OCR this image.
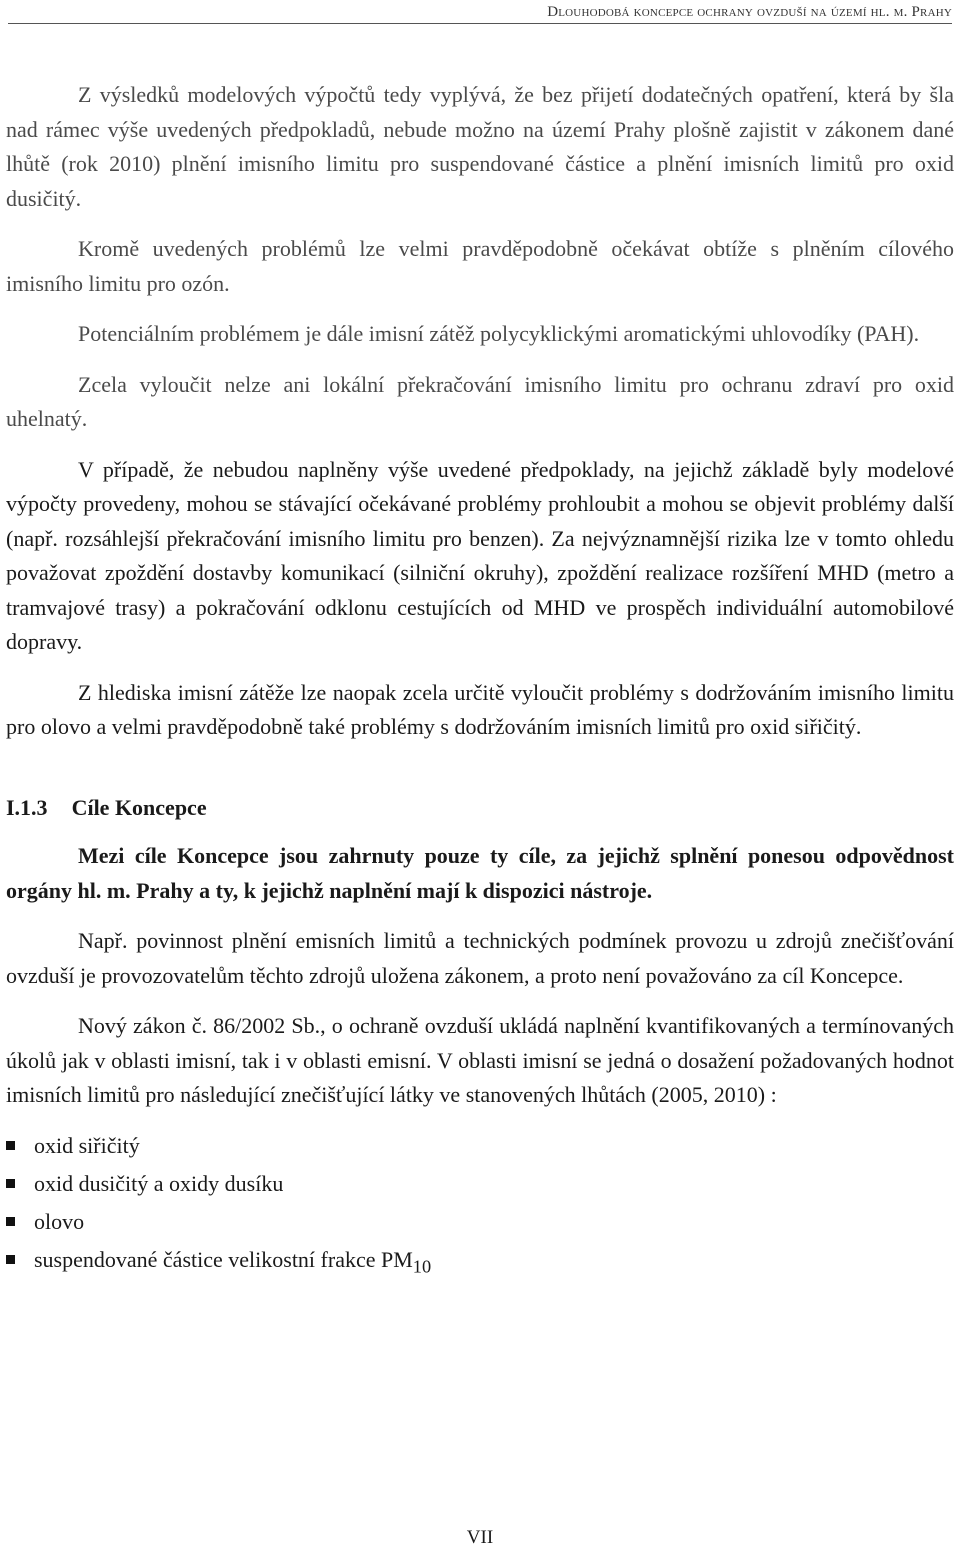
Dlouhodobá koncepce ochrany ovzduší na území hl. m. Prahy

Z výsledků modelových výpočtů tedy vyplývá, že bez přijetí dodatečných opatření, která by šla nad rámec výše uvedených předpokladů, nebude možno na území Prahy plošně zajistit v zákonem dané lhůtě (rok 2010) plnění imisního limitu pro suspendované částice a plnění imisních limitů pro oxid dusičitý.

Kromě uvedených problémů lze velmi pravděpodobně očekávat obtíže s plněním cílového imisního limitu pro ozón.

Potenciálním problémem je dále imisní zátěž polycyklickými aromatickými uhlovodíky (PAH).

Zcela vyloučit nelze ani lokální překračování imisního limitu pro ochranu zdraví pro oxid uhelnatý.

V případě, že nebudou naplněny výše uvedené předpoklady, na jejichž základě byly modelové výpočty provedeny, mohou se stávající očekávané problémy prohloubit a mohou se objevit problémy další (např. rozsáhlejší překračování imisního limitu pro benzen). Za nejvýznamnější rizika lze v tomto ohledu považovat zpoždění dostavby komunikací (silniční okruhy), zpoždění realizace rozšíření MHD (metro a tramvajové trasy) a pokračování odklonu cestujících od MHD ve prospěch individuální automobilové dopravy.

Z hlediska imisní zátěže lze naopak zcela určitě vyloučit problémy s dodržováním imisního limitu pro olovo a velmi pravděpodobně také problémy s dodržováním imisních limitů pro oxid siřičitý.

I.1.3 Cíle Koncepce

Mezi cíle Koncepce jsou zahrnuty pouze ty cíle, za jejichž splnění ponesou odpovědnost orgány hl. m. Prahy a ty, k jejichž naplnění mají k dispozici nástroje.

Např. povinnost plnění emisních limitů a technických podmínek provozu u zdrojů znečišťování ovzduší je provozovatelům těchto zdrojů uložena zákonem, a proto není považováno za cíl Koncepce.

Nový zákon č. 86/2002 Sb., o ochraně ovzduší ukládá naplnění kvantifikovaných a termínovaných úkolů jak v oblasti imisní, tak i v oblasti emisní. V oblasti imisní se jedná o dosažení požadovaných hodnot imisních limitů pro následující znečišťující látky ve stanovených lhůtách (2005, 2010) :

oxid siřičitý
oxid dusičitý a oxidy dusíku
olovo
suspendované částice velikostní frakce $PM_{10}$
VII
